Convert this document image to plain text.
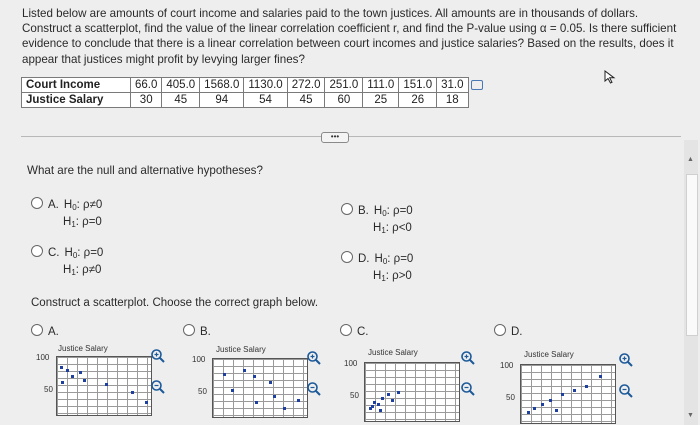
Listed below are amounts of court income and salaries paid to the town justices. All amounts are in thousands of dollars. Construct a scatterplot, find the value of the linear correlation coefficient r, and find the P-value using α = 0.05. Is there sufficient evidence to conclude that there is a linear correlation between court incomes and justice salaries? Based on the results, does it appear that justices might profit by levying larger fines?
Court Income	66.0	405.0	1568.0	1130.0	272.0	251.0	111.0	151.0	31.0
Justice Salary	30	45	94	54	45	60	25	26	18
•••
What are the null and alternative hypotheses?
A. $H_0$: ρ≠0
$H_1$: ρ=0
B. $H_0$: ρ=0
$H_1$: ρ<0
C. $H_0$: ρ=0
$H_1$: ρ≠0
D. $H_0$: ρ=0
$H_1$: ρ>0
Construct a scatterplot. Choose the correct graph below.
A.	B.	C.	D.
Justice Salary
100
50
Justice Salary
100
50
Justice Salary
100
50
Justice Salary
100
50
▲
▼
